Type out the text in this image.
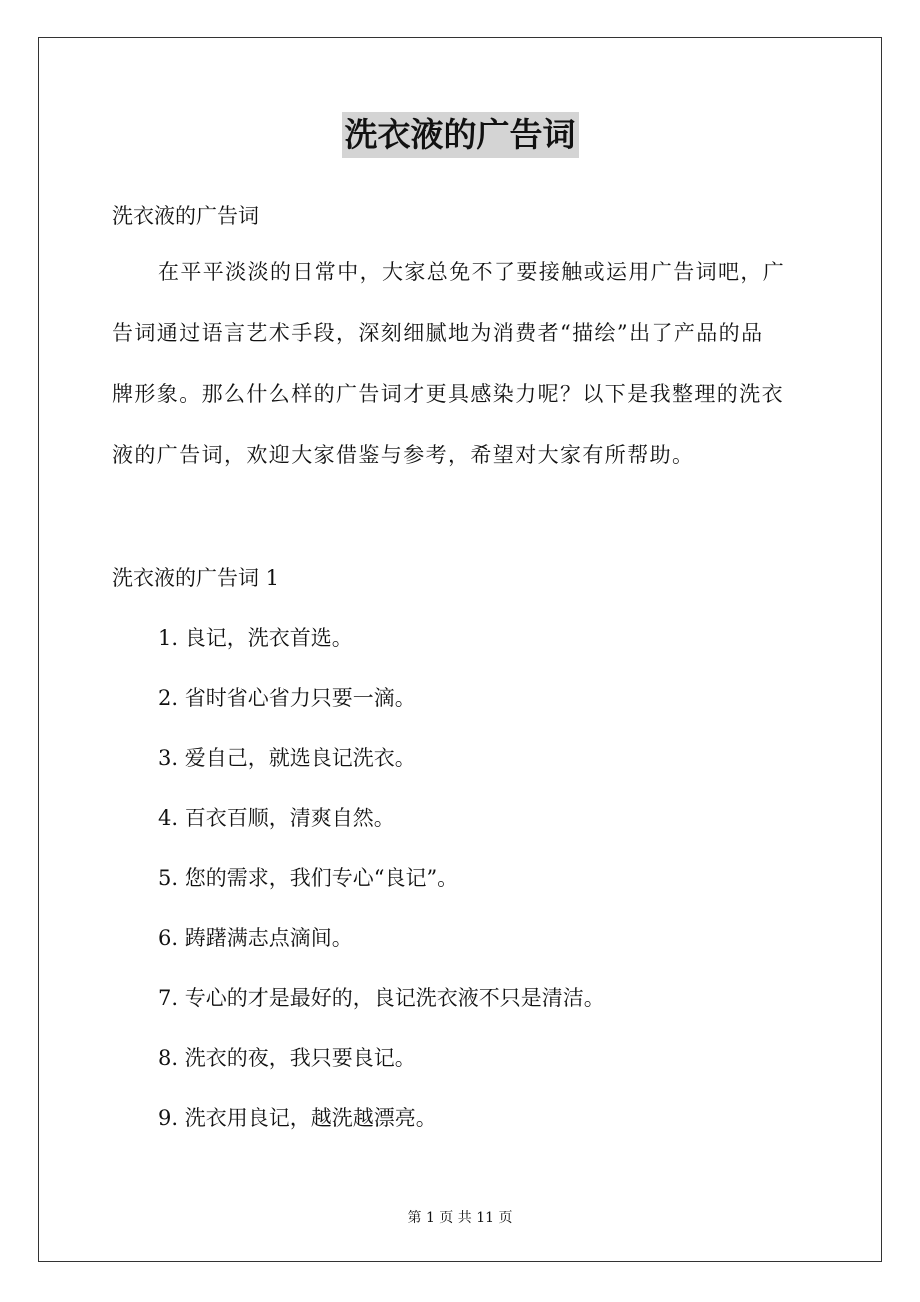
洗衣液的广告词
洗衣液的广告词
在平平淡淡的日常中，大家总免不了要接触或运用广告词吧，广
告词通过语言艺术手段，深刻细腻地为消费者“描绘”出了产品的品
牌形象。那么什么样的广告词才更具感染力呢？以下是我整理的洗衣
液的广告词，欢迎大家借鉴与参考，希望对大家有所帮助。
洗衣液的广告词 1
1. 良记，洗衣首选。
2. 省时省心省力只要一滴。
3. 爱自己，就选良记洗衣。
4. 百衣百顺，清爽自然。
5. 您的需求，我们专心“良记”。
6. 踌躇满志点滴间。
7. 专心的才是最好的，良记洗衣液不只是清洁。
8. 洗衣的夜，我只要良记。
9. 洗衣用良记，越洗越漂亮。
第 1 页 共 11 页
